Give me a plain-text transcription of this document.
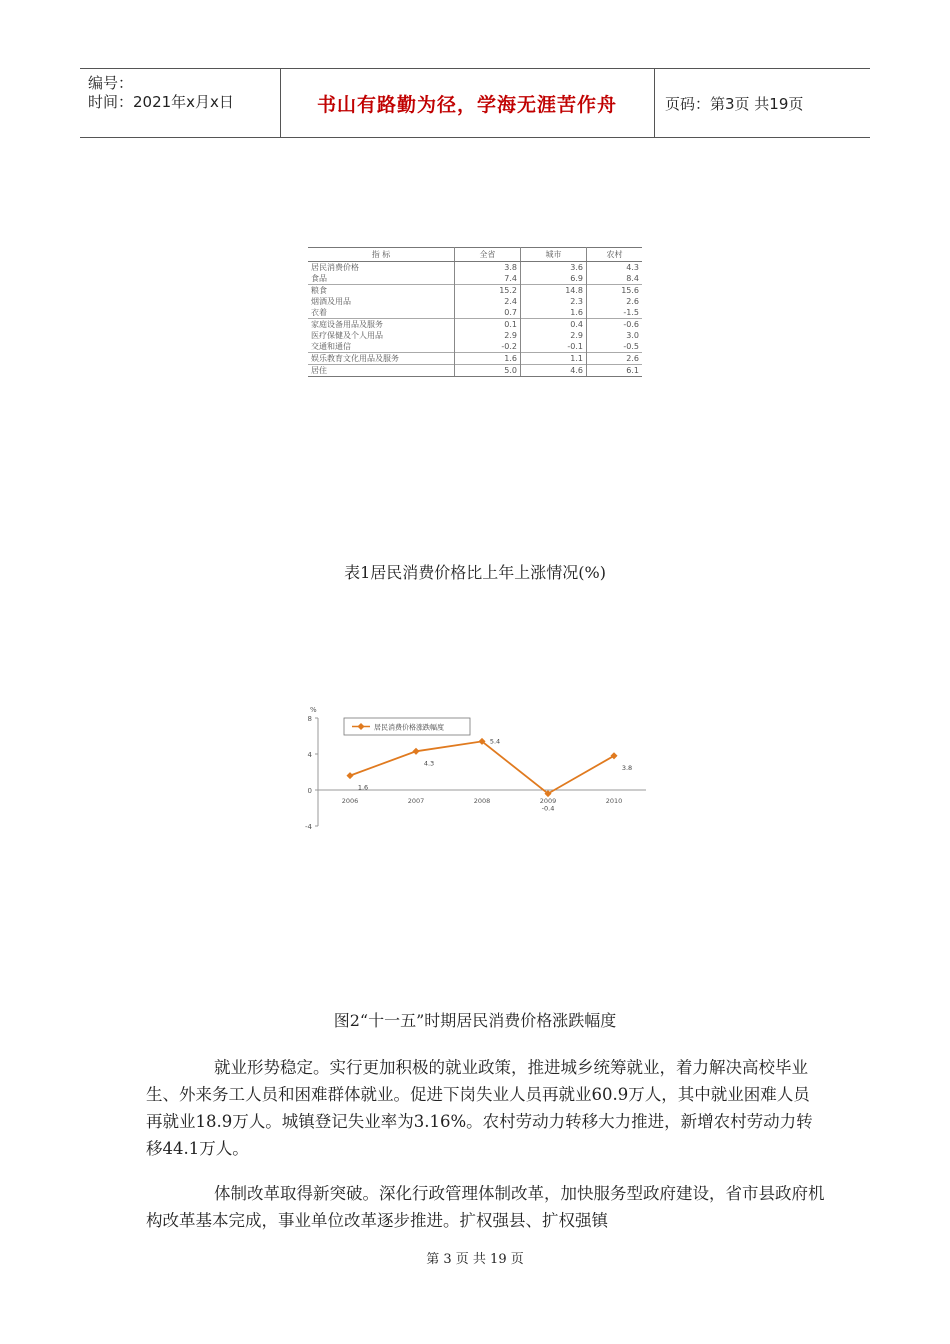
编号：
时间：2021年x月x日	书山有路勤为径，学海无涯苦作舟	页码：第3页 共19页
指 标	全省	城市	农村
居民消费价格	3.8	3.6	4.3
食品	7.4	6.9	8.4
粮食	15.2	14.8	15.6
烟酒及用品	2.4	2.3	2.6
衣着	0.7	1.6	-1.5
家庭设备用品及服务	0.1	0.4	-0.6
医疗保健及个人用品	2.9	2.9	3.0
交通和通信	-0.2	-0.1	-0.5
娱乐教育文化用品及服务	1.6	1.1	2.6
居住	5.0	4.6	6.1
表1居民消费价格比上年上涨情况(%)
%
8
4
0
-4
2006	2007	2008	2009	2010
1.6
4.3
5.4
-0.4
3.8
居民消费价格涨跌幅度
图2“十一五”时期居民消费价格涨跌幅度

就业形势稳定。实行更加积极的就业政策，推进城乡统筹就业，着力解决高校毕业生、外来务工人员和困难群体就业。促进下岗失业人员再就业60.9万人，其中就业困难人员再就业18.9万人。城镇登记失业率为3.16%。农村劳动力转移大力推进，新增农村劳动力转移44.1万人。

体制改革取得新突破。深化行政管理体制改革，加快服务型政府建设，省市县政府机构改革基本完成，事业单位改革逐步推进。扩权强县、扩权强镇

第 3 页 共 19 页
